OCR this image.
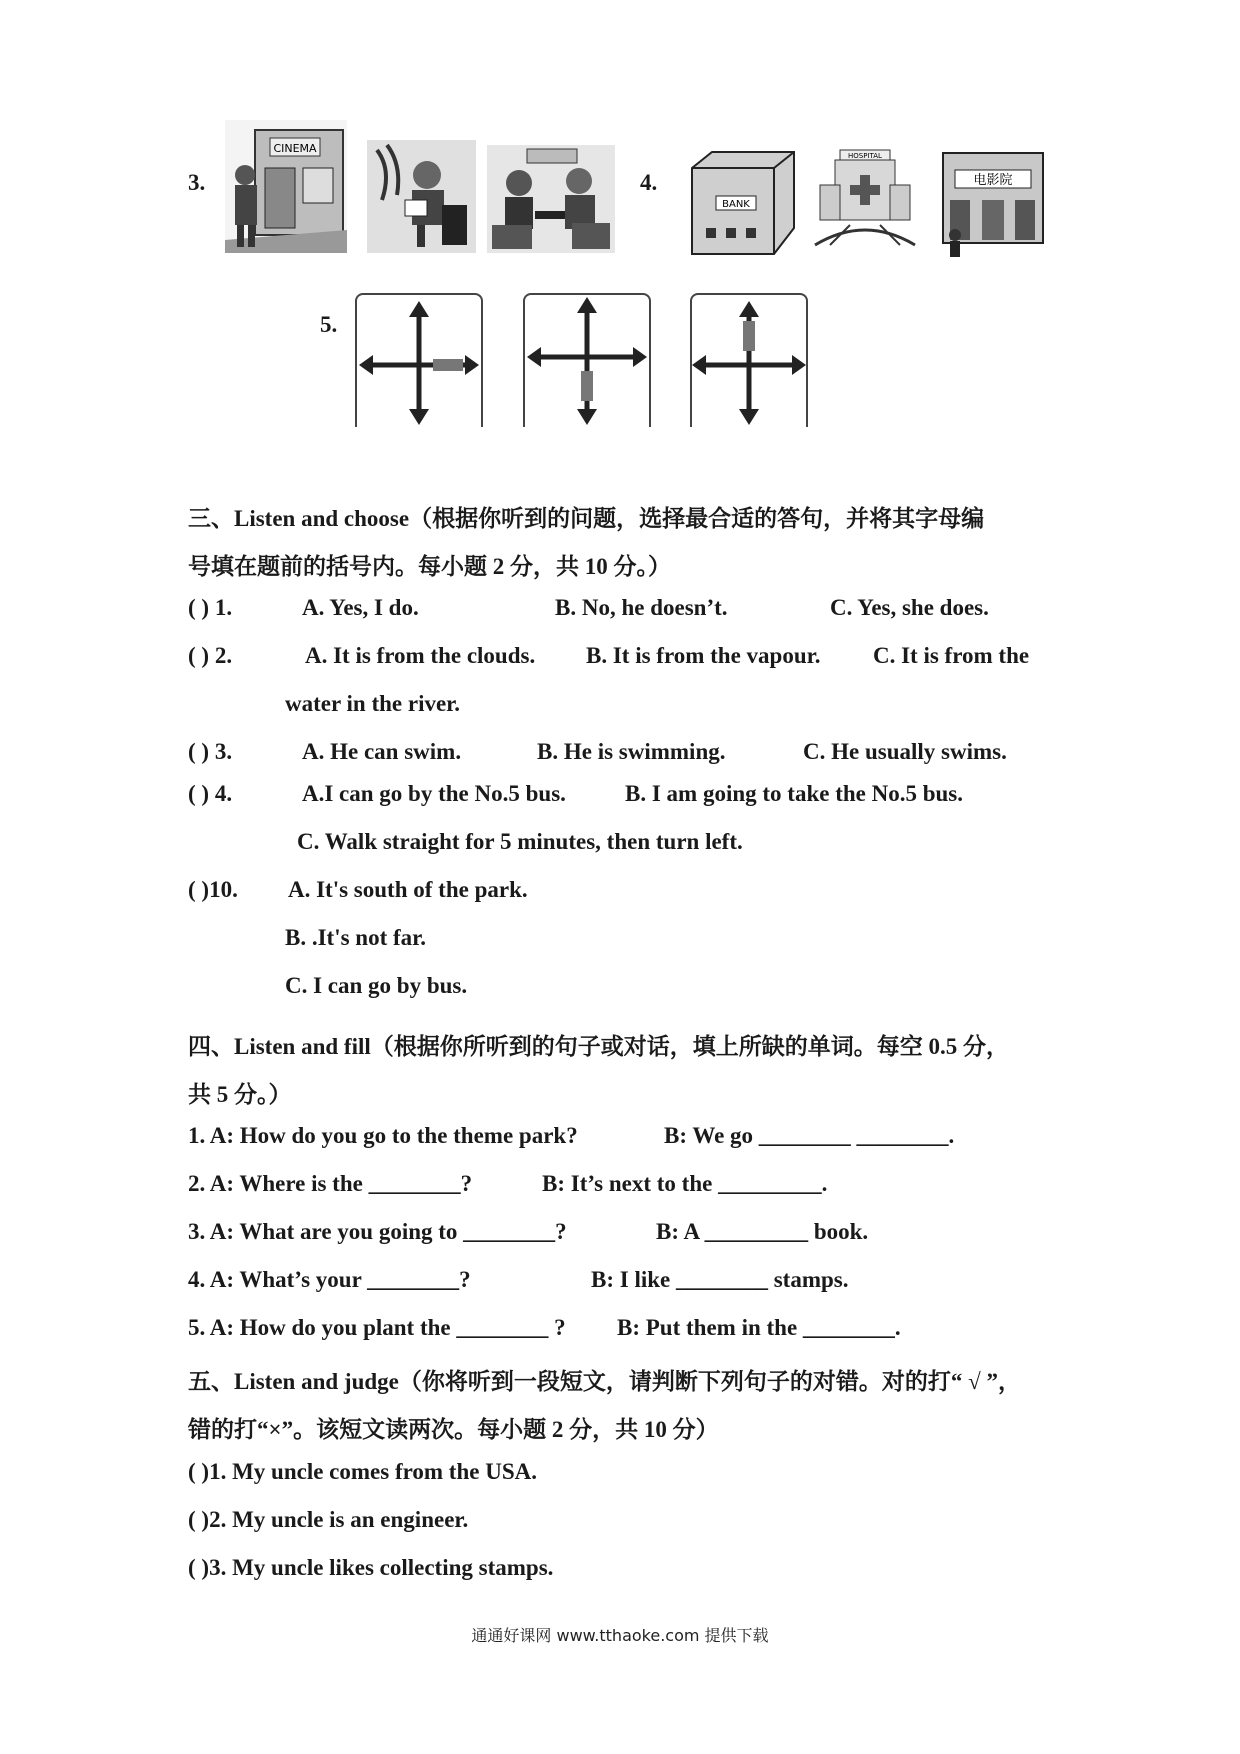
3.
CINEMA
4.
BANK
HOSPITAL
电影院
5.
三、Listen and choose（根据你听到的问题，选择最合适的答句，并将其字母编
号填在题前的括号内。每小题 2 分，共 10 分。）
( ) 1.	A. Yes, I do.	B. No, he doesn’t.	C. Yes, she does.
( ) 2.	A. It is from the clouds. B. It is from the vapour. C. It is from the
water in the river.
( ) 3.	A. He can swim.	B. He is swimming.	C. He usually swims.
( ) 4.	A.I can go by the No.5 bus.	B. I am going to take the No.5 bus.
C. Walk straight for 5 minutes, then turn left.
( )10. A. It's south of the park.
B. .It's not far.
C. I can go by bus.
四、Listen and fill（根据你所听到的句子或对话，填上所缺的单词。每空 0.5 分，
共 5 分。）
1. A: How do you go to the theme park?	B: We go ________ ________.
2. A: Where is the ________?	B: It’s next to the _________.
3. A: What are you going to ________?	B: A _________ book.
4. A: What’s your ________?	B: I like ________ stamps.
5. A: How do you plant the ________ ? B: Put them in the ________.
五、Listen and judge（你将听到一段短文，请判断下列句子的对错。对的打“ √ ”，
错的打“×”。该短文读两次。每小题 2 分，共 10 分）
( )1. My uncle comes from the USA.
( )2. My uncle is an engineer.
( )3. My uncle likes collecting stamps.
通通好课网 www.tthaoke.com 提供下载
